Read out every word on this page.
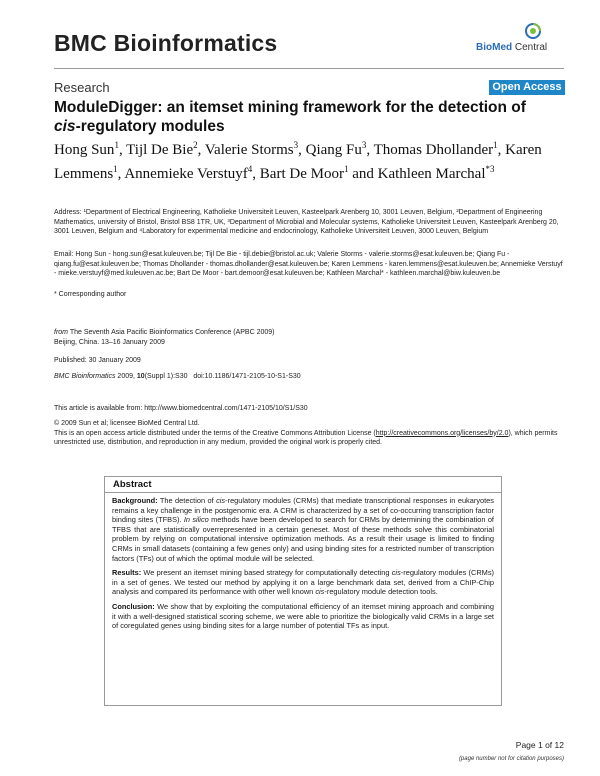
BMC Bioinformatics	BioMed Central
Research	Open Access
ModuleDigger: an itemset mining framework for the detection of
cis-regulatory modules
Hong Sun$^1$, Tijl De Bie$^2$, Valerie Storms$^3$, Qiang Fu$^3$, Thomas Dhollander$^1$, Karen Lemmens$^1$, Annemieke Verstuyf$^4$, Bart De Moor$^1$ and Kathleen Marchal$^{*3}$
Address: ¹Department of Electrical Engineering, Katholieke Universiteit Leuven, Kasteelpark Arenberg 10, 3001 Leuven, Belgium, ²Department of Engineering Mathematics, university of Bristol, Bristol BS8 1TR, UK, ³Department of Microbial and Molecular systems, Katholieke Universiteit Leuven, Kasteelpark Arenberg 20, 3001 Leuven, Belgium and ⁴Laboratory for experimental medicine and endocrinology, Katholieke Universiteit Leuven, 3000 Leuven, Belgium
Email: Hong Sun - hong.sun@esat.kuleuven.be; Tijl De Bie - tijl.debie@bristol.ac.uk; Valerie Storms - valerie.storms@esat.kuleuven.be; Qiang Fu - qiang.fu@esat.kuleuven.be; Thomas Dhollander - thomas.dhollander@esat.kuleuven.be; Karen Lemmens - karen.lemmens@esat.kuleuven.be; Annemieke Verstuyf - mieke.verstuyf@med.kuleuven.ac.be; Bart De Moor - bart.demoor@esat.kuleuven.be; Kathleen Marchal* - kathleen.marchal@biw.kuleuven.be
* Corresponding author
from The Seventh Asia Pacific Bioinformatics Conference (APBC 2009)
Beijing, China. 13–16 January 2009
Published: 30 January 2009
BMC Bioinformatics 2009, 10(Suppl 1):S30 doi:10.1186/1471-2105-10-S1-S30
This article is available from: http://www.biomedcentral.com/1471-2105/10/S1/S30
© 2009 Sun et al; licensee BioMed Central Ltd.
This is an open access article distributed under the terms of the Creative Commons Attribution License (http://creativecommons.org/licenses/by/2.0), which permits unrestricted use, distribution, and reproduction in any medium, provided the original work is properly cited.
Abstract

Background: The detection of cis-regulatory modules (CRMs) that mediate transcriptional responses in eukaryotes remains a key challenge in the postgenomic era. A CRM is characterized by a set of co-occurring transcription factor binding sites (TFBS). In silico methods have been developed to search for CRMs by determining the combination of TFBS that are statistically overrepresented in a certain geneset. Most of these methods solve this combinatorial problem by relying on computational intensive optimization methods. As a result their usage is limited to finding CRMs in small datasets (containing a few genes only) and using binding sites for a restricted number of transcription factors (TFs) out of which the optimal module will be selected.

Results: We present an itemset mining based strategy for computationally detecting cis-regulatory modules (CRMs) in a set of genes. We tested our method by applying it on a large benchmark data set, derived from a ChIP-Chip analysis and compared its performance with other well known cis-regulatory module detection tools.

Conclusion: We show that by exploiting the computational efficiency of an itemset mining approach and combining it with a well-designed statistical scoring scheme, we were able to prioritize the biologically valid CRMs in a large set of coregulated genes using binding sites for a large number of potential TFs as input.

Page 1 of 12
(page number not for citation purposes)
